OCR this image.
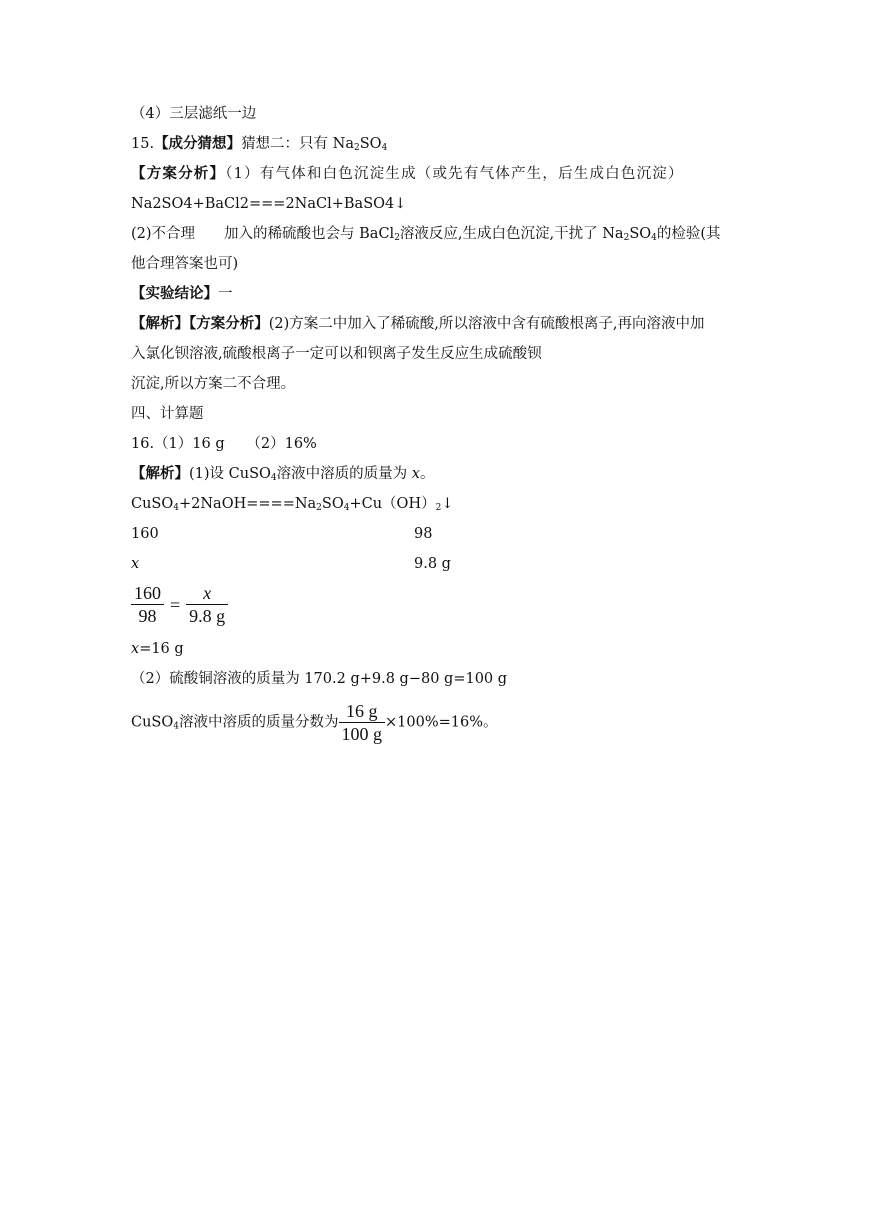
（4）三层滤纸一边
15.【成分猜想】猜想二：只有 $Na_2SO_4$
【方案分析】（1）有气体和白色沉淀生成（或先有气体产生，后生成白色沉淀）
Na2SO4+BaCl2===2NaCl+BaSO4↓
(2)不合理　　加入的稀硫酸也会与 BaCl$_2$溶液反应,生成白色沉淀,干扰了 $Na_2SO_4$的检验(其
他合理答案也可)
【实验结论】一
【解析】【方案分析】(2)方案二中加入了稀硫酸,所以溶液中含有硫酸根离子,再向溶液中加
入氯化钡溶液,硫酸根离子一定可以和钡离子发生反应生成硫酸钡
沉淀,所以方案二不合理。
四、计算题
16.（1）16 g　　（2）16%
【解析】(1)设 CuSO$_4$溶液中溶质的质量为 x。
$CuSO_4+2NaOH====Na_2SO_4+Cu(OH)_2↓$
160	98
x	9.8 g
$\frac{160}{98} = \frac{x}{9.8 g}$
x=16 g
（2）硫酸铜溶液的质量为 170.2 g+9.8 g−80 g=100 g
CuSO$_4$溶液中溶质的质量分数为 $\frac{16 g}{100 g} \times 100\%=16\%$。
